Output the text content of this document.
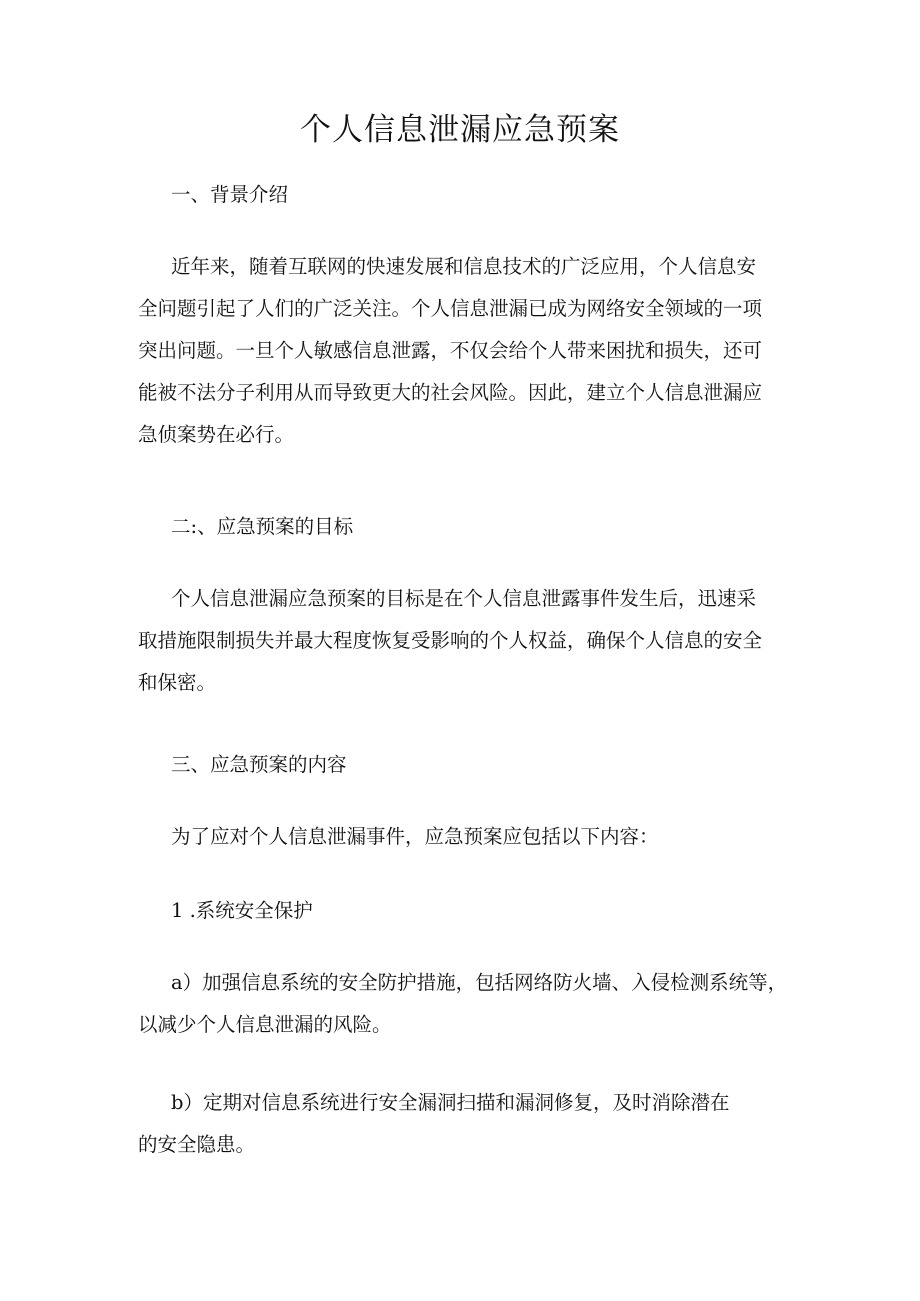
个人信息泄漏应急预案

一、背景介绍

近年来，随着互联网的快速发展和信息技术的广泛应用，个人信息安
全问题引起了人们的广泛关注。个人信息泄漏已成为网络安全领域的一项
突出问题。一旦个人敏感信息泄露，不仅会给个人带来困扰和损失，还可
能被不法分子利用从而导致更大的社会风险。因此，建立个人信息泄漏应
急侦案势在必行。

二:、应急预案的目标

个人信息泄漏应急预案的目标是在个人信息泄露事件发生后，迅速采
取措施限制损失并最大程度恢复受影响的个人权益，确保个人信息的安全
和保密。

三、应急预案的内容

为了应对个人信息泄漏事件，应急预案应包括以下内容：

1 .系统安全保护

a）加强信息系统的安全防护措施，包括网络防火墙、入侵检测系统等，
以减少个人信息泄漏的风险。

b）定期对信息系统进行安全漏洞扫描和漏洞修复，及时消除潜在
的安全隐患。
